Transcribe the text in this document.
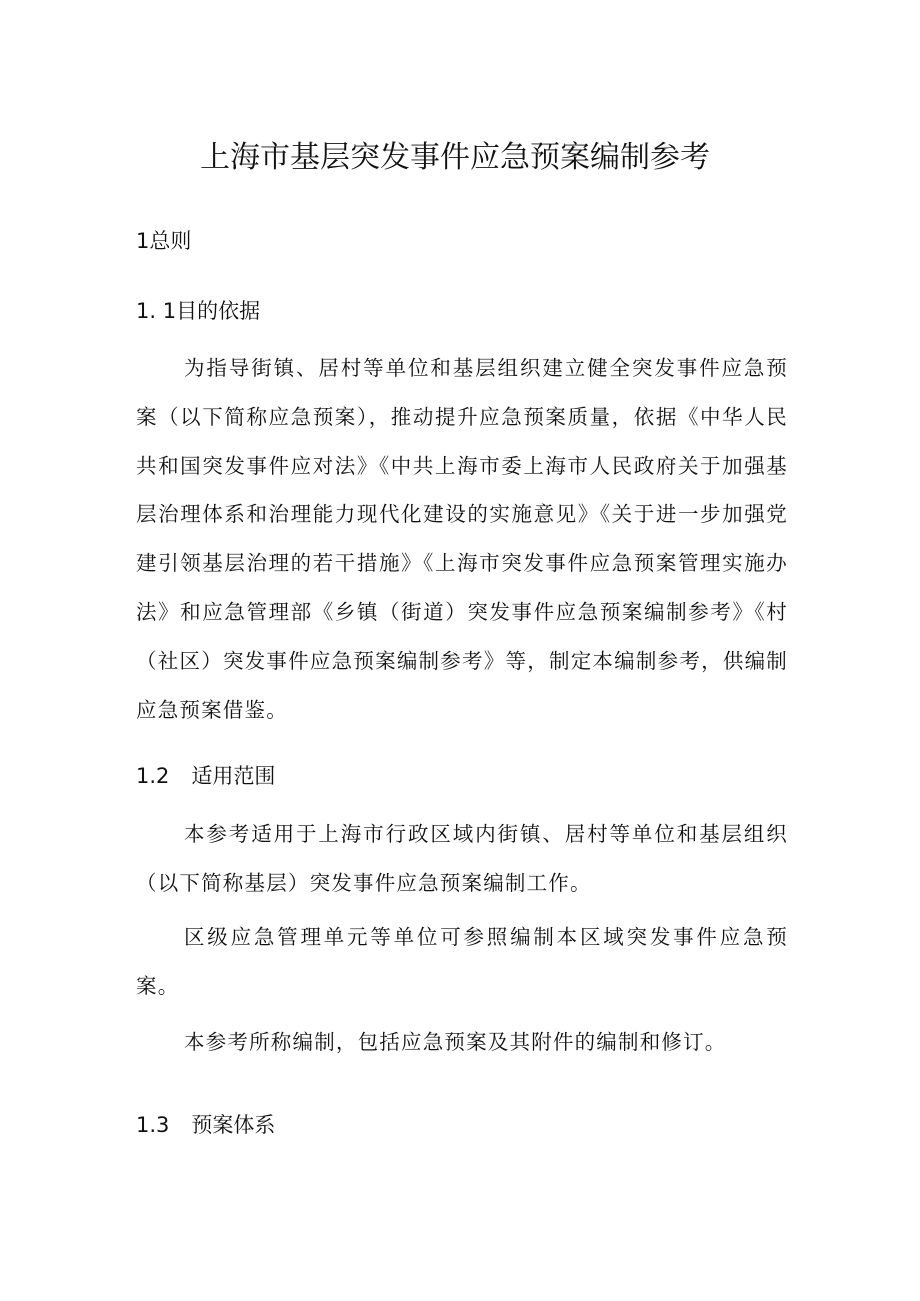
上海市基层突发事件应急预案编制参考
1总则
1. 1目的依据

为指导街镇、居村等单位和基层组织建立健全突发事件应急预案（以下简称应急预案），推动提升应急预案质量，依据《中华人民共和国突发事件应对法》《中共上海市委上海市人民政府关于加强基层治理体系和治理能力现代化建设的实施意见》《关于进一步加强党建引领基层治理的若干措施》《上海市突发事件应急预案管理实施办法》和应急管理部《乡镇（街道）突发事件应急预案编制参考》《村（社区）突发事件应急预案编制参考》等，制定本编制参考，供编制应急预案借鉴。

1.2 适用范围

本参考适用于上海市行政区域内街镇、居村等单位和基层组织（以下简称基层）突发事件应急预案编制工作。

区级应急管理单元等单位可参照编制本区域突发事件应急预案。

本参考所称编制，包括应急预案及其附件的编制和修订。

1.3 预案体系
